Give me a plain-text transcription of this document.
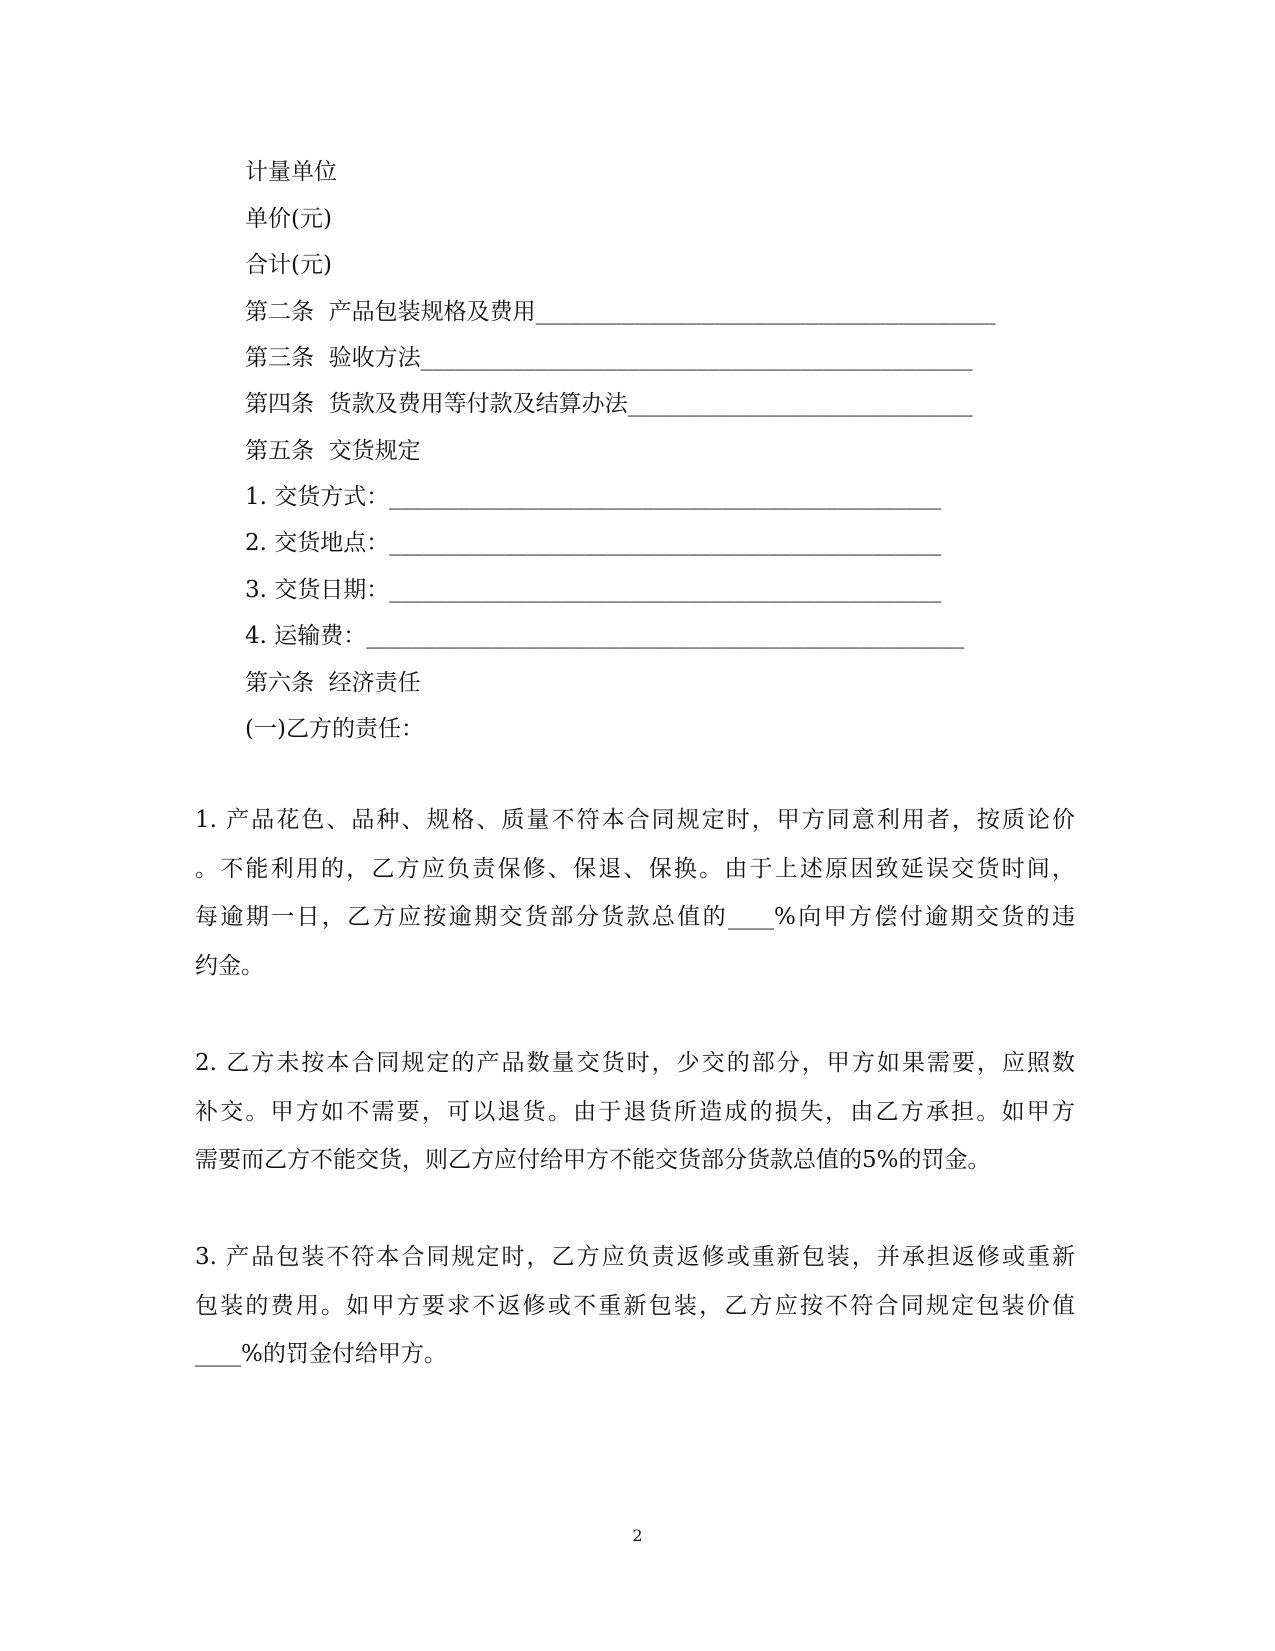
计量单位
单价(元)
合计(元)
第二条  产品包装规格及费用________________________________________
第三条  验收方法________________________________________________
第四条  货款及费用等付款及结算办法______________________________
第五条  交货规定
1. 交货方式：________________________________________________
2. 交货地点：________________________________________________
3. 交货日期：________________________________________________
4. 运输费：____________________________________________________
第六条  经济责任
(一)乙方的责任：
1. 产品花色、品种、规格、质量不符本合同规定时，甲方同意利用者，按质论价
。不能利用的，乙方应负责保修、保退、保换。由于上述原因致延误交货时间，
每逾期一日，乙方应按逾期交货部分货款总值的____%向甲方偿付逾期交货的违
约金。
2. 乙方未按本合同规定的产品数量交货时，少交的部分，甲方如果需要，应照数
补交。甲方如不需要，可以退货。由于退货所造成的损失，由乙方承担。如甲方
需要而乙方不能交货，则乙方应付给甲方不能交货部分货款总值的5%的罚金。
3. 产品包装不符本合同规定时，乙方应负责返修或重新包装，并承担返修或重新
包装的费用。如甲方要求不返修或不重新包装，乙方应按不符合同规定包装价值
____%的罚金付给甲方。
2
